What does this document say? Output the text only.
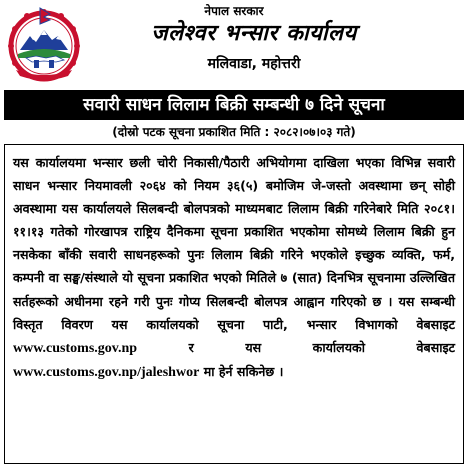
नेपाल सरकार
जलेश्वर भन्सार कार्यालय
मलिवाडा, महोत्तरी
सवारी साधन लिलाम बिक्री सम्बन्धी ७ दिने सूचना
(दोस्रो पटक सूचना प्रकाशित मिति : २०८२।०७।०३ गते)
यस कार्यालयमा भन्सार छली चोरी निकासी/पैठारी अभियोगमा दाखिला भएका विभिन्न सवारी साधन भन्सार नियमावली २०६४ को नियम ३६(५) बमोजिम जे-जस्तो अवस्थामा छन् सोही अवस्थामा यस कार्यालयले सिलबन्दी बोलपत्रको माध्यमबाट लिलाम बिक्री गरिनेबारे मिति २०८१।११।१३ गतेको गोरखापत्र राष्ट्रिय दैनिकमा सूचना प्रकाशित भएकोमा सोमध्ये लिलाम बिक्री हुन नसकेका बाँकी सवारी साधनहरूको पुनः लिलाम बिक्री गरिने भएकोले इच्छुक व्यक्ति, फर्म, कम्पनी वा सङ्घ/संस्थाले यो सूचना प्रकाशित भएको मितिले ७ (सात) दिनभित्र सूचनामा उल्लिखित सर्तहरूको अधीनमा रहने गरी पुनः गोप्य सिलबन्दी बोलपत्र आह्वान गरिएको छ । यस सम्बन्धी विस्तृत विवरण यस कार्यालयको सूचना पाटी, भन्सार विभागको वेबसाइट www.customs.gov.np	र यस कार्यालयको वेबसाइट www.customs.gov.np/jaleshwor मा हेर्न सकिनेछ ।
